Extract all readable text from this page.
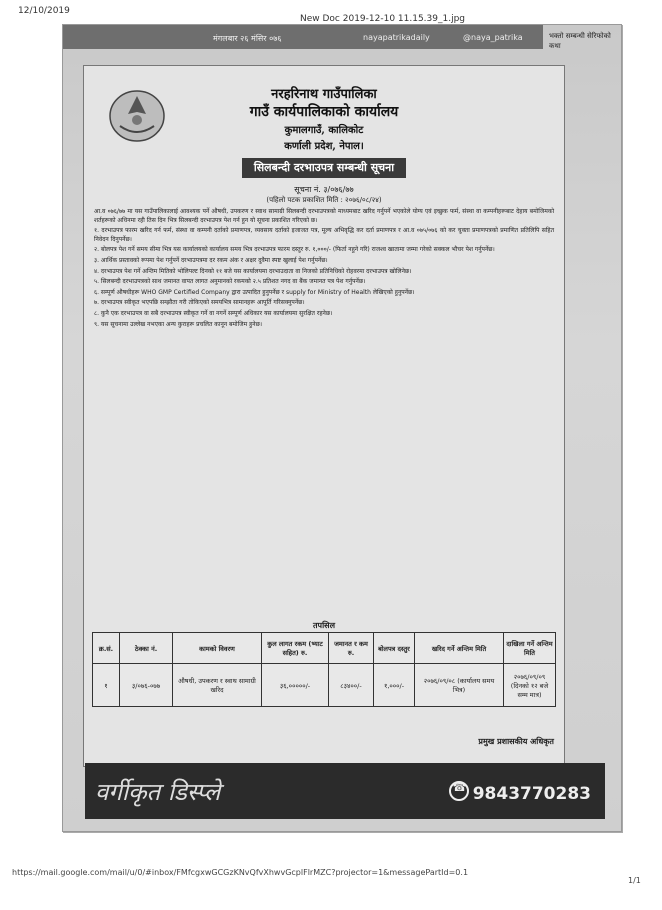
12/10/2019
New Doc 2019-12-10 11.15.39_1.jpg
मंगलबार २६ मंसिर ०७६	nayapatrikadaily	@naya_patrika	भक्तो सम्बन्धी सेरिफोको कथा
नरहरिनाथ गाउँपालिका
गाउँ कार्यपालिकाको कार्यालय
कुमालगाउँ, कालिकोट
कर्णाली प्रदेश, नेपाल।
सिलबन्दी दरभाउपत्र सम्बन्धी सूचना
सूचना नं. ३/०७६/७७
(पहिलो पटक प्रकाशित मिति : २०७६/०८/२४)

आ.व ०७६/७७ मा यस गाउँपालिकालाई आवश्यक पर्ने औषधी, उपकरण र स्वाथ सामाग्री सिलबन्दी दरभाउपत्रको माध्यमबाट खरिद गर्नुपर्ने भएकोले योग्य एवं इच्छुक फर्म, संस्था वा कम्पनीहरूबाट देहाय बमोजिमको शर्तहरूको अधिनमा रही तिस दिन भित्र सिलबन्दी दरभाउपत्र पेश गर्न हुन यो सूचना प्रकाशित गरिएको छ।

१. दरभाउपत्र फारम खरिद गर्न फर्म, संस्था वा कम्पनी दर्ताको प्रमाणपत्र, व्यवसाय दर्ताको इजाजत पत्र, मूल्य अभिवृद्धि कर दर्ता प्रमाणपत्र र आ.व ०७५/०७६ को कर चुक्ता प्रमाणपत्रको प्रमाणित प्रतिलिपि सहित निवेदन दिनुपर्नेछ।

२. बोलपत्र पेश गर्ने समय सीमा भित्र यस कार्यालयको कार्यालय समय भित्र दरभाउपत्र फारम दस्तुर रु. १,०००/- (फिर्ता नहुने गरि) राजश्व खातामा जम्मा गरेको सक्कल भौचर पेश गर्नुपर्नेछ।

३. आर्थिक प्रस्तावको रूपमा पेश गर्नुपर्ने दरभाउपत्रमा दर रकम अंक र अक्षर दुवैमा स्पष्ट खुलाई पेश गर्नुपर्नेछ।

४. दरभाउपत्र पेश गर्ने अन्तिम मितिको भोलिपल्ट दिनको ११ बजे यस कार्यालयमा दरभाउदाता वा निजको प्रतिनिधिको रोहवरमा दरभाउपत्र खोलिनेछ।

५. सिलबन्दी दरभाउपत्रको साथ जमानत वापत लागत अनुमानको रकमको २.५ प्रतिशत नगद वा बैंक जमानत पत्र पेश गर्नुपर्नेछ।

६. सम्पूर्ण औषधीहरू WHO GMP Certified Company द्वारा उत्पादित हुनुपर्नेछ र supply for Ministry of Health लेखिएको हुनुपर्नेछ।

७. दरभाउपत्र स्वीकृत भएपछि सम्झौता गरी तोकिएको समयभित्र सामानहरू आपूर्ति गरिसक्नुपर्नेछ।

८. कुनै एक दरभाउपत्र वा सबै दरभाउपत्र स्वीकृत गर्ने वा नगर्ने सम्पूर्ण अधिकार यस कार्यालयमा सुरक्षित रहनेछ।

९. यस सूचनामा उल्लेख नभएका अन्य कुराहरू प्रचलित कानून बमोजिम हुनेछ।

तपसिल
क्र.सं.	ठेक्का नं.	कामको विवरण	कुल लागत रकम (भ्याट सहित) रु.	जमानत र कम रु.	बोलपत्र दस्तुर	खरिद गर्ने अन्तिम मिति	दाखिला गर्ने अन्तिम मिति
१	३/०७६-०७७	औषधी, उपकरण र स्वाथ सामाग्री खरिद	३६,०००००/-	८३४००/-	१,०००/-	२०७६/०९/०८ (कार्यालय समय भित्र)	२०७६/०९/०९ (दिनको १२ बजे सम्म मात्र)
प्रमुख प्रशासकीय अधिकृत
वर्गीकृत डिस्प्ले ☎	9843770283
https://mail.google.com/mail/u/0/#inbox/FMfcgxwGCGzKNvQfvXhwvGcplFlrMZC?projector=1&messagePartId=0.1
1/1
